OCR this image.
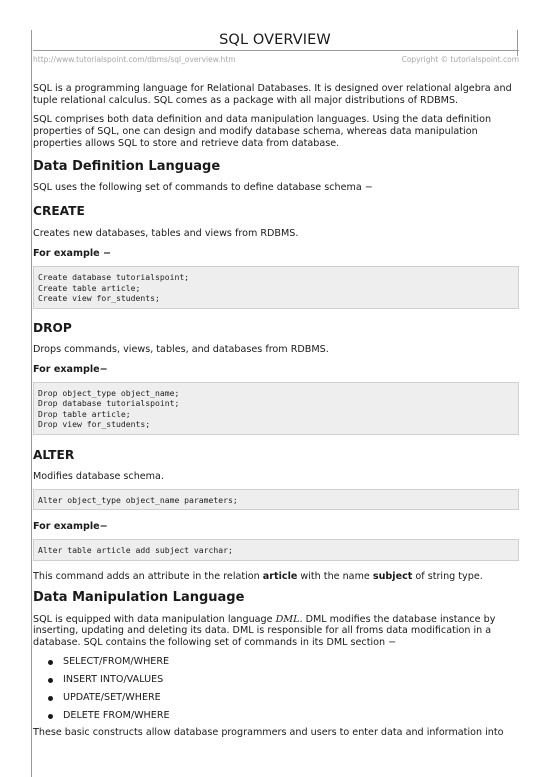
SQL OVERVIEW
http://www.tutorialspoint.com/dbms/sql_overview.htm	Copyright © tutorialspoint.com

SQL is a programming language for Relational Databases. It is designed over relational algebra and tuple relational calculus. SQL comes as a package with all major distributions of RDBMS.

SQL comprises both data definition and data manipulation languages. Using the data definition properties of SQL, one can design and modify database schema, whereas data manipulation properties allows SQL to store and retrieve data from database.

Data Definition Language

SQL uses the following set of commands to define database schema −

CREATE

Creates new databases, tables and views from RDBMS.

For example −
Create database tutorialspoint;
Create table article;
Create view for_students;
DROP

Drops commands, views, tables, and databases from RDBMS.

For example−
Drop object_type object_name;
Drop database tutorialspoint;
Drop table article;
Drop view for_students;
ALTER

Modifies database schema.

Alter object_type object_name parameters;
For example−
Alter table article add subject varchar;

This command adds an attribute in the relation article with the name subject of string type.

Data Manipulation Language

SQL is equipped with data manipulation language DML. DML modifies the database instance by inserting, updating and deleting its data. DML is responsible for all froms data modification in a database. SQL contains the following set of commands in its DML section −

SELECT/FROM/WHERE
INSERT INTO/VALUES
UPDATE/SET/WHERE
DELETE FROM/WHERE

These basic constructs allow database programmers and users to enter data and information into
